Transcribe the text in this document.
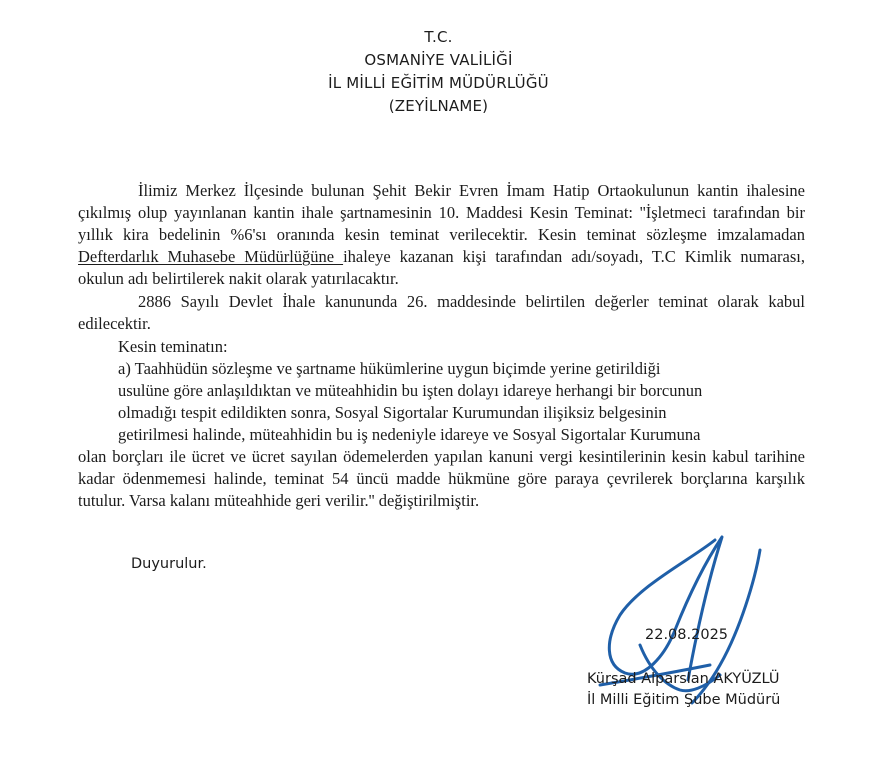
T.C.
OSMANİYE VALİLİĞİ
İL MİLLİ EĞİTİM MÜDÜRLÜĞÜ
(ZEYİLNAME)
İlimiz Merkez İlçesinde bulunan Şehit Bekir Evren İmam Hatip Ortaokulunun kantin ihalesine çıkılmış olup yayınlanan kantin ihale şartnamesinin 10. Maddesi Kesin Teminat: ''İşletmeci tarafından bir yıllık kira bedelinin %6'sı oranında kesin teminat verilecektir. Kesin teminat sözleşme imzalamadan Defterdarlık Muhasebe Müdürlüğüne ihaleye kazanan kişi tarafından adı/soyadı, T.C Kimlik numarası, okulun adı belirtilerek nakit olarak yatırılacaktır.
2886 Sayılı Devlet İhale kanununda 26. maddesinde belirtilen değerler teminat olarak kabul edilecektir.
Kesin teminatın:
a) Taahhüdün sözleşme ve şartname hükümlerine uygun biçimde yerine getirildiği
usulüne göre anlaşıldıktan ve müteahhidin bu işten dolayı idareye herhangi bir borcunun
olmadığı tespit edildikten sonra, Sosyal Sigortalar Kurumundan ilişiksiz belgesinin
getirilmesi halinde, müteahhidin bu iş nedeniyle idareye ve Sosyal Sigortalar Kurumuna
olan borçları ile ücret ve ücret sayılan ödemelerden yapılan kanuni vergi kesintilerinin kesin kabul tarihine kadar ödenmemesi halinde, teminat 54 üncü madde hükmüne göre paraya çevrilerek borçlarına karşılık tutulur. Varsa kalanı müteahhide geri verilir.'' değiştirilmiştir.
Duyurulur.
22.08.2025
Kürşad Alparslan AKYÜZLÜ
İl Milli Eğitim Şube Müdürü
